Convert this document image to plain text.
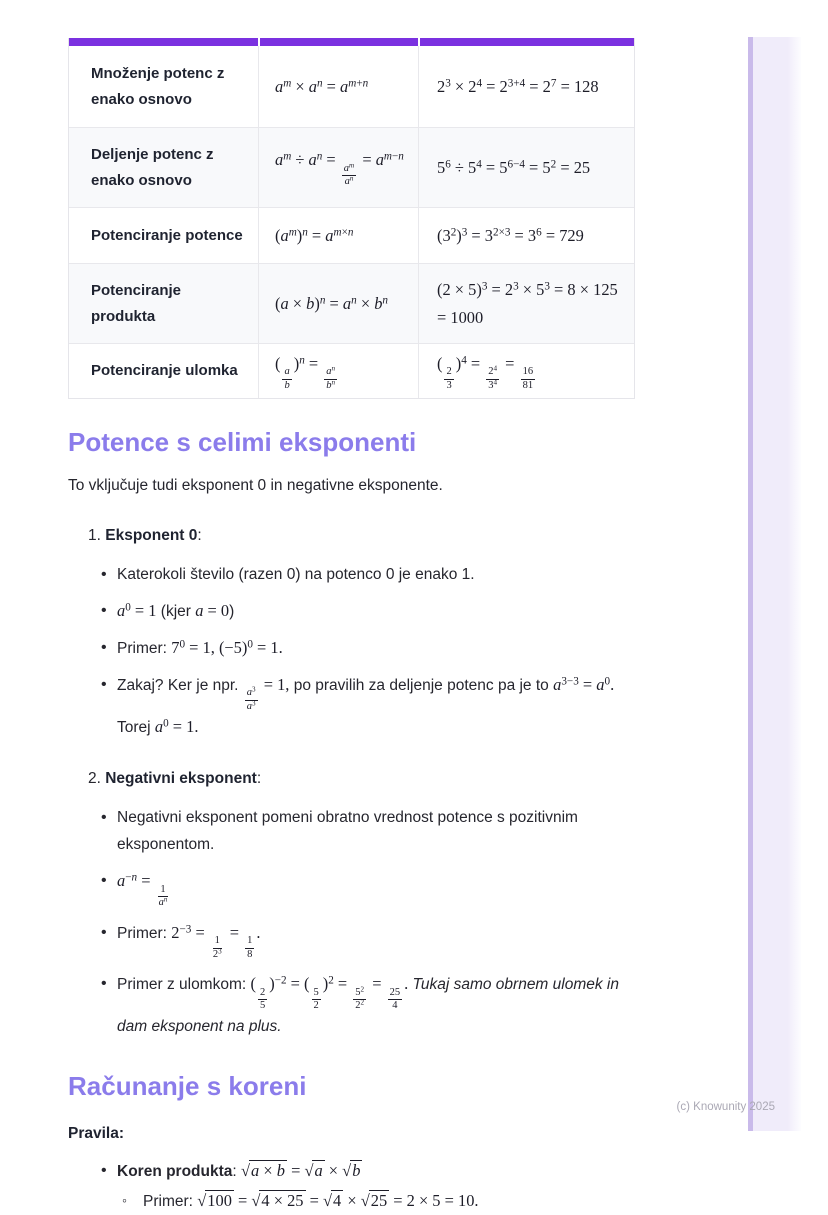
Množenje potenc z enako osnovo
$a^m \times a^n = a^{m+n}$	$2^3 \times 2^4 = 2^{3+4} = 2^7 = 128$
Deljenje potenc z enako osnovo
$a^m \div a^n$ =
$\frac{a^m}{a^n}$
= $a^{m-n}$
$5^6 \div 5^4 = 5^{6-4} = 5^2 = 25$
Potenciranje potence $(a^m)^n = a^{m\times n}$	$(3^2)^3 = 3^{2\times 3} = 3^6 = 729$
Potenciranje produkta
$(a \times b)^n = a^n \times b^n$
$(2 \times 5)^3 = 2^3 \times 5^3 = 8 \times 125 = 1000$
Potenciranje ulomka (
$\frac{a}{b}$
)$^n$ =
$\frac{a^n}{b^n}$
(
$\frac{2}{3}$
)$^4$ =
$\frac{2^4}{3^4}$
=
$\frac{16}{81}$
Potence s celimi eksponenti

To vključuje tudi eksponent 0 in negativne eksponente.

1. Eksponent 0:
• Katerokoli število (razen 0) na potenco 0 je enako 1.
• $a^0 = 1$ (kjer a = 0)
• Primer: $7^0 = 1$, $(-5)^0 = 1$.
• Zakaj? Ker je npr.
$\frac{a^3}{a^3}$
= 1, po pravilih za deljenje potenc pa je to $a^{3-3} = a^0$. Torej $a^0 = 1$.
2. Negativni eksponent:
• Negativni eksponent pomeni obratno vrednost potence s pozitivnim eksponentom.
• $a^{-n}$ =
$\frac{1}{a^n}$
• Primer: $2^{-3}$ =
$\frac{1}{2^3}$
=
$\frac{1}{8}$
.
• Primer z ulomkom: (
$\frac{2}{5}$
)$^{-2}$ = (
$\frac{5}{2}$
)$^2$ =
$\frac{5^2}{2^2}$
=
$\frac{25}{4}$
. Tukaj samo obrnem ulomek in dam eksponent na plus.
Računanje s koreni

Pravila:

• Koren produkta: √a × b = √a × √b
◦ Primer: √100 = √4 × 25 = √4 × √25 = 2 × 5 = 10.
(c) Knowunity 2025
